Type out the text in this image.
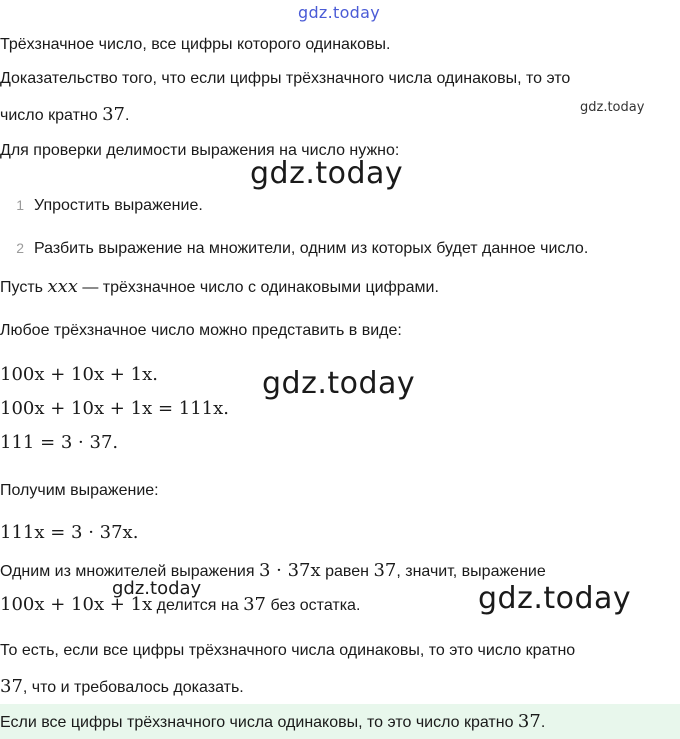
gdz.today
gdz.today
gdz.today
gdz.today
gdz.today	gdz.today
Трёхзначное число, все цифры которого одинаковы.
Доказательство того, что если цифры трёхзначного числа одинаковы, то это
число кратно 37.
Для проверки делимости выражения на число нужно:
1 Упростить выражение.
2 Разбить выражение на множители, одним из которых будет данное число.
Пусть xxx — трёхзначное число с одинаковыми цифрами.
Любое трёхзначное число можно представить в виде:
100x + 10x + 1x.
100x + 10x + 1x = 111x.
111 = 3 · 37.
Получим выражение:
111x = 3 · 37x.
Одним из множителей выражения 3 · 37x равен 37, значит, выражение
100x + 10x + 1x делится на 37 без остатка.
То есть, если все цифры трёхзначного числа одинаковы, то это число кратно
37, что и требовалось доказать.
Если все цифры трёхзначного числа одинаковы, то это число кратно 37.
